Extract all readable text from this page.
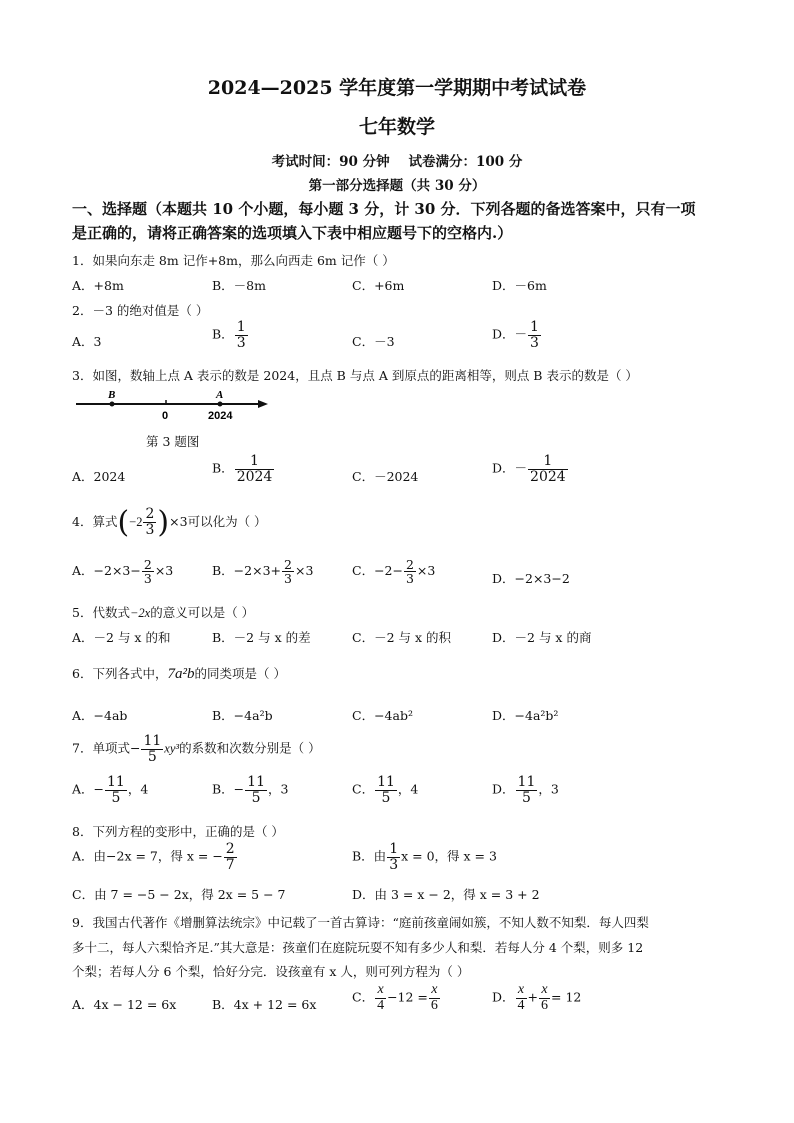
2024—2025 学年度第一学期期中考试试卷
七年数学
考试时间：90 分钟    试卷满分：100 分
第一部分选择题（共 30 分）
一、选择题（本题共 10 个小题，每小题 3 分，计 30 分．下列各题的备选答案中，只有一项
是正确的，请将正确答案的选项填入下表中相应题号下的空格内.）
1．如果向东走 8m 记作+8m，那么向西走 6m 记作（ ）
A．+8m	B．－8m	C．+6m	D．－6m
2．－3 的绝对值是（ ）
A．3	B． $\frac{1}{3}$	C．－3	D．－ $\frac{1}{3}$
3．如图，数轴上点 A 表示的数是 2024，且点 B 与点 A 到原点的距离相等，则点 B 表示的数是（ ）
B	A
0	2024
第 3 题图
A．2024
B． $\frac{1}{2024}$	C．－2024
D．－ $\frac{1}{2024}$
4．算式$(-2 \frac{2}{3} )\times 3$可以化为（ ）
A．$-2\times 3- \frac{2}{3} \times 3$	B．$-2\times 3+ \frac{2}{3} \times 3$	C．$-2- \frac{2}{3} \times 3$
D．−2×3−2
5．代数式−2x的意义可以是（ ）
A．－2 与 x 的和	B．－2 与 x 的差	C．－2 与 x 的积	D．－2 与 x 的商
6．下列各式中，7a²b的同类项是（ ）
A．−4ab	B．−4a²b	C．−4ab²	D．−4a²b²
7．单项式− $\frac{11}{5} xy^3$的系数和次数分别是（ ）
A．− $\frac{11}{5}$ ，4	B．− $\frac{11}{5}$ ，3	C． $\frac{11}{5}$ ，4	D． $\frac{11}{5}$ ，3
8．下列方程的变形中，正确的是（ ）
A．由−2x = 7，得 x = − $\frac{2}{7}$	B．由 $\frac{1}{3}$ x = 0，得 x = 3
C．由 7 = −5 − 2x，得 2x = 5 − 7	D．由 3 = x − 2，得 x = 3 + 2
9．我国古代著作《增删算法统宗》中记载了一首古算诗：“庭前孩童闹如簇，不知人数不知梨．每人四梨
多十二，每人六梨恰齐足.”其大意是：孩童们在庭院玩耍不知有多少人和梨．若每人分 4 个梨，则多 12
个梨；若每人分 6 个梨，恰好分完．设孩童有 x 人，则可列方程为（ ）
A．4x − 12 = 6x	B．4x + 12 = 6x	C． $\frac{x}{4} -12 = \frac{x}{6}$	D． $\frac{x}{4} + \frac{x}{6} = 12$
